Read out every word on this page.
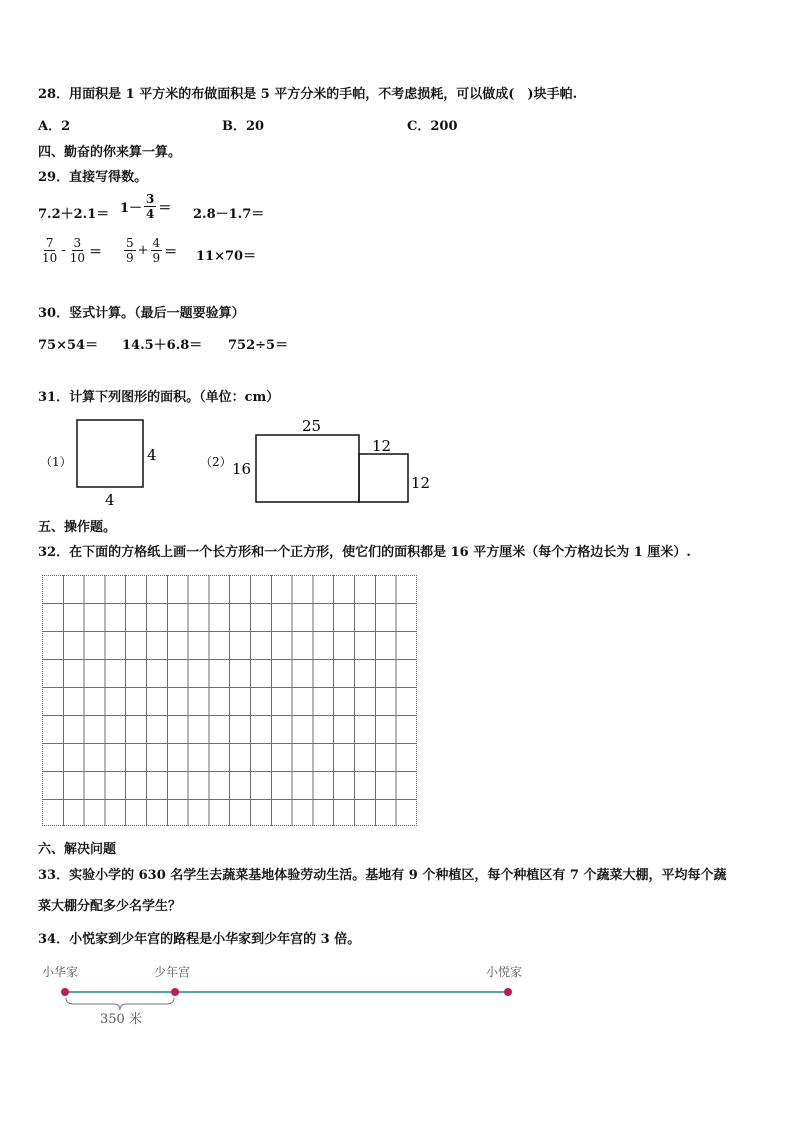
28．用面积是 1 平方米的布做面积是 5 平方分米的手帕，不考虑损耗，可以做成(　)块手帕.
A．2	B．20	C．200
四、勤奋的你来算一算。
29．直接写得数。
$7.2+2.1= 1- \frac{3}{4} = 2.8-1.7=$
$\frac{7}{10} - \frac{3}{10} = \frac{5}{9} + \frac{4}{9} = 11\times 70=$
30．竖式计算。（最后一题要验算）
75×54＝ 14.5＋6.8＝ 752÷5＝
31．计算下列图形的面积。（单位：cm）
（1）	4
4
（2）
25
16
12
12
五、操作题。
32．在下面的方格纸上画一个长方形和一个正方形，使它们的面积都是 16 平方厘米（每个方格边长为 1 厘米）.
六、解决问题
33．实验小学的 630 名学生去蔬菜基地体验劳动生活。基地有 9 个种植区，每个种植区有 7 个蔬菜大棚，平均每个蔬
菜大棚分配多少名学生？
34．小悦家到少年宫的路程是小华家到少年宫的 3 倍。
小华家	少年宫	小悦家
350 米
